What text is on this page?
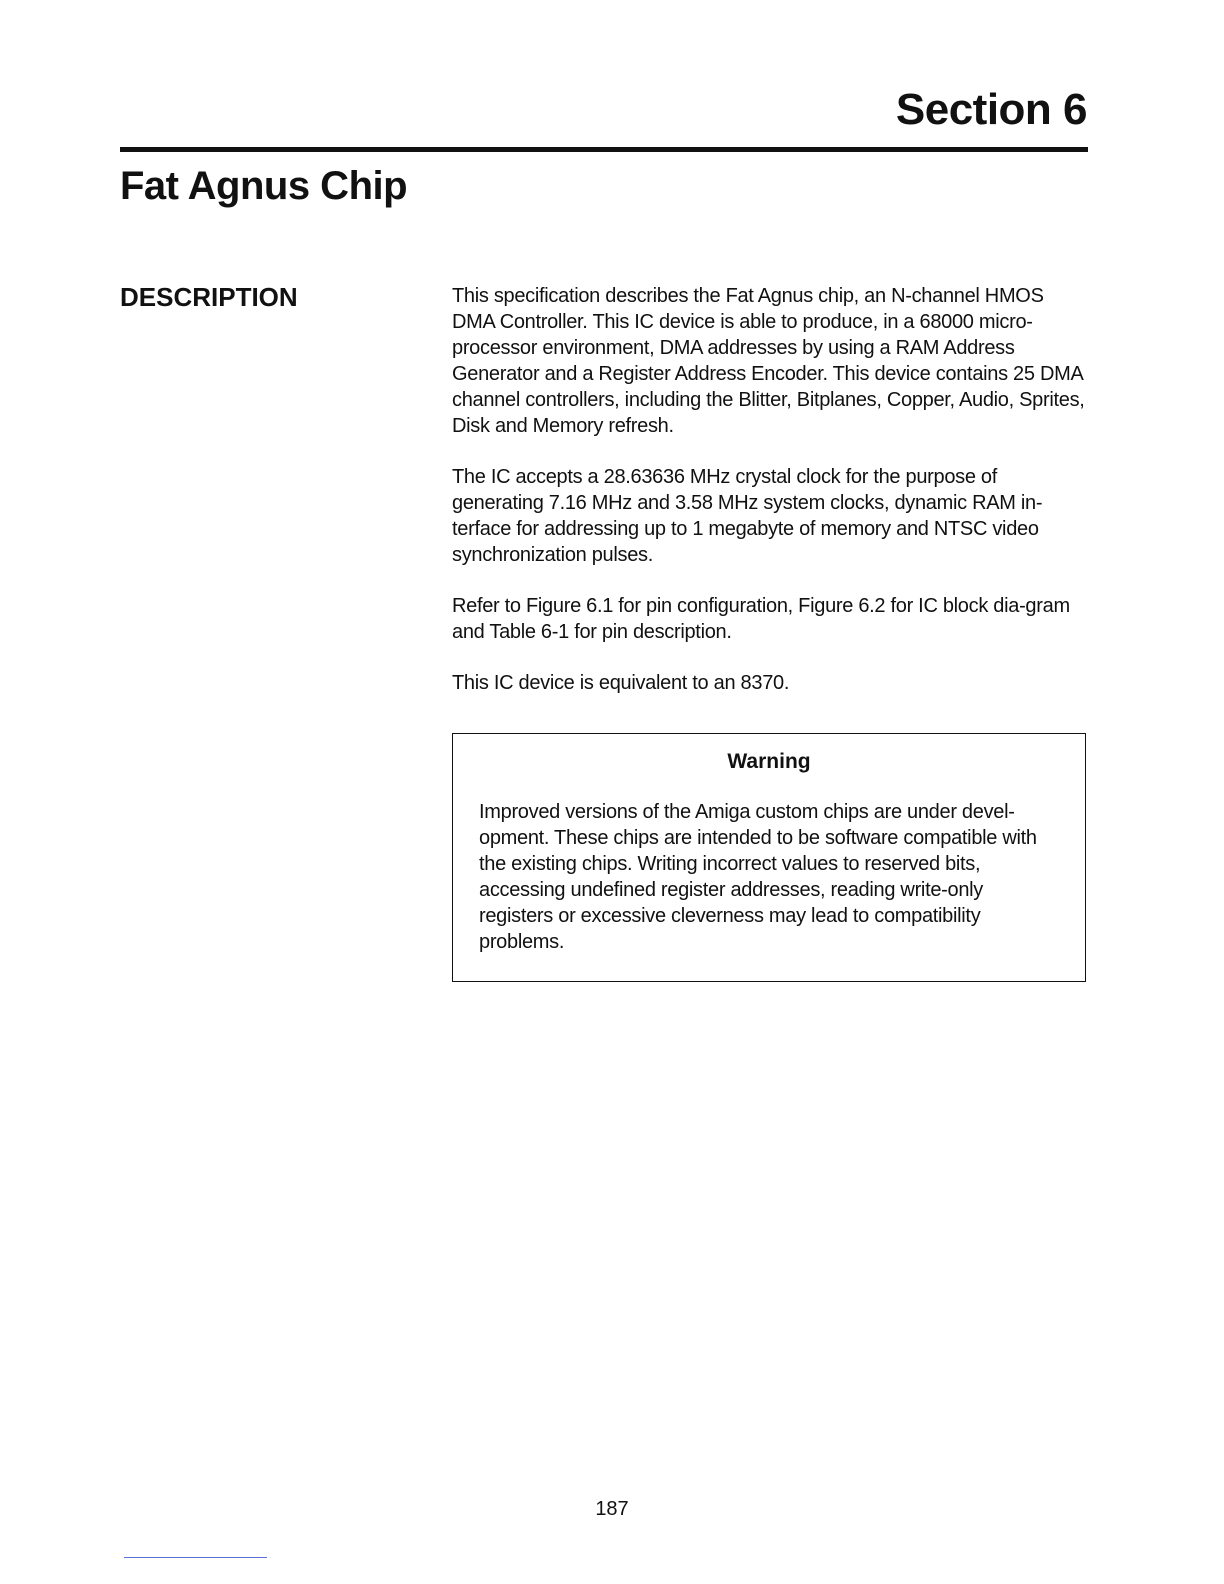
Section 6
Fat Agnus Chip
DESCRIPTION	This specification describes the Fat Agnus chip, an N-channel HMOS DMA Controller. This IC device is able to produce, in a 68000 micro-processor environment, DMA addresses by using a RAM Address Generator and a Register Address Encoder. This device contains 25 DMA channel controllers, including the Blitter, Bitplanes, Copper, Audio, Sprites, Disk and Memory refresh.

The IC accepts a 28.63636 MHz crystal clock for the purpose of generating 7.16 MHz and 3.58 MHz system clocks, dynamic RAM in-terface for addressing up to 1 megabyte of memory and NTSC video synchronization pulses.

Refer to Figure 6.1 for pin configuration, Figure 6.2 for IC block dia-gram and Table 6-1 for pin description.

This IC device is equivalent to an 8370.

Warning
Improved versions of the Amiga custom chips are under devel-opment. These chips are intended to be software compatible with the existing chips. Writing incorrect values to reserved bits, accessing undefined register addresses, reading write-only registers or excessive cleverness may lead to compatibility problems.
187
